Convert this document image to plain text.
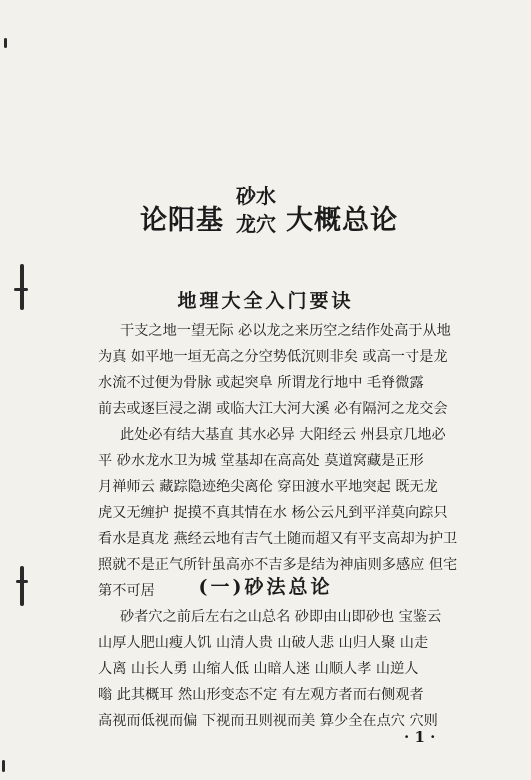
论阳基
砂水
龙穴 大概总论
地理大全入门要诀
干支之地一望无际 必以龙之来历空之结作处高于从地
为真 如平地一垣无高之分空势低沉则非矣 或高一寸是龙
水流不过便为骨脉 或起突阜 所谓龙行地中 毛脊微露
前去或逐巨浸之湖 或临大江大河大溪 必有隔河之龙交会
此处必有结大基直 其水必异 大阳经云 州县京几地必
平 砂水龙水卫为城 堂基却在高高处 莫道窝藏是正形
月禅师云 藏踪隐迹绝尖离伦 穿田渡水平地突起 既无龙
虎又无缠护 捉摸不真其情在水 杨公云凡到平洋莫向踪只
看水是真龙 燕经云地有吉气土随而超又有平支高却为护卫
照就不是正气所针虽高亦不吉多是结为神庙则多感应 但宅
第不可居	(一)砂法总论
砂者穴之前后左右之山总名 砂即由山即砂也 宝鉴云
山厚人肥山瘦人饥 山清人贵 山破人悲 山归人聚 山走
人离 山长人勇 山缩人低 山暗人迷 山顺人孝 山逆人
嗡 此其概耳 然山形变态不定 有左观方者而右侧观者
高视而低视而偏 下视而丑则视而美 算少全在点穴 穴则
· 1 ·
